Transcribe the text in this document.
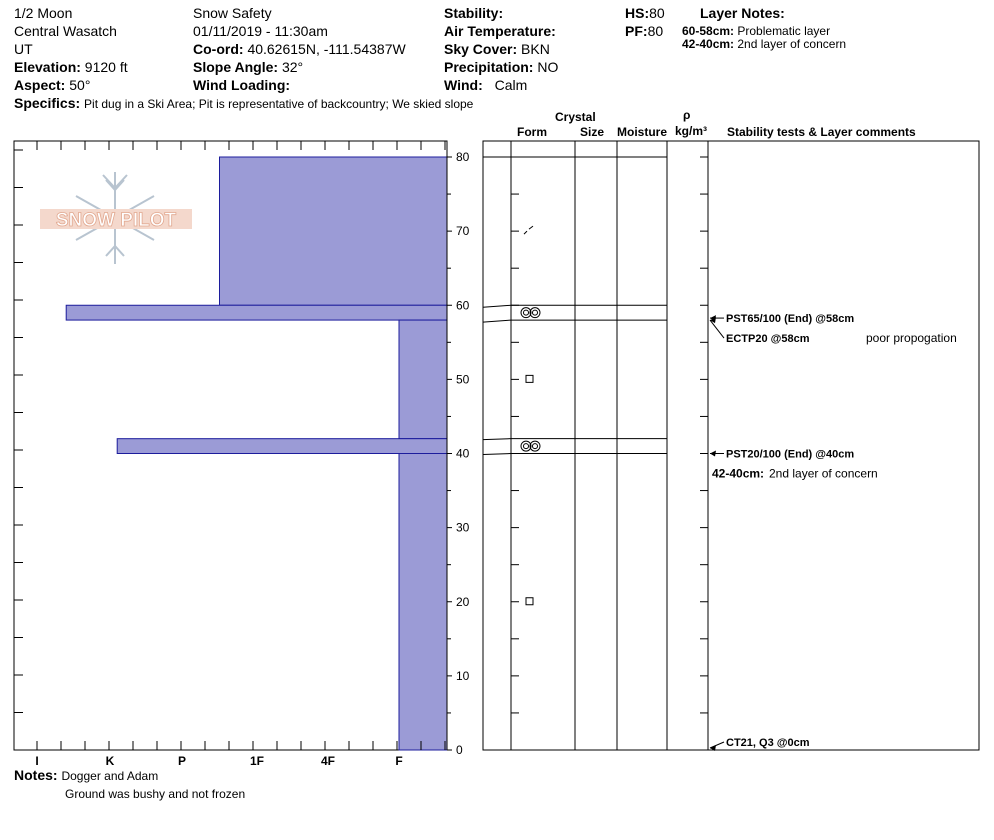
1/2 Moon
Central Wasatch
UT
Elevation: 9120 ft
Aspect: 50°
Snow Safety
01/11/2019 - 11:30am
Co-ord: 40.62615N, -111.54387W
Slope Angle: 32°
Wind Loading:
Stability:
Air Temperature:
Sky Cover: BKN
Precipitation: NO
Wind: Calm
HS:80
PF:80
Layer Notes:
60-58cm: Problematic layer
42-40cm: 2nd layer of concern
Specifics: Pit dug in a Ski Area; Pit is representative of backcountry; We skied slope
Crystal
Form	Size Moisture
ρ
kg/m³ Stability tests & Layer comments
Notes: Dogger and Adam
Ground was bushy and not frozen
SNOW PILOT
I	K	P	1F	4F	F
0
10
20
30
40
50
60
70
80
PST65/100 (End) @58cm
ECTP20 @58cm	poor propogation
PST20/100 (End) @40cm
CT21, Q3 @0cm
42-40cm: 2nd layer of concern
